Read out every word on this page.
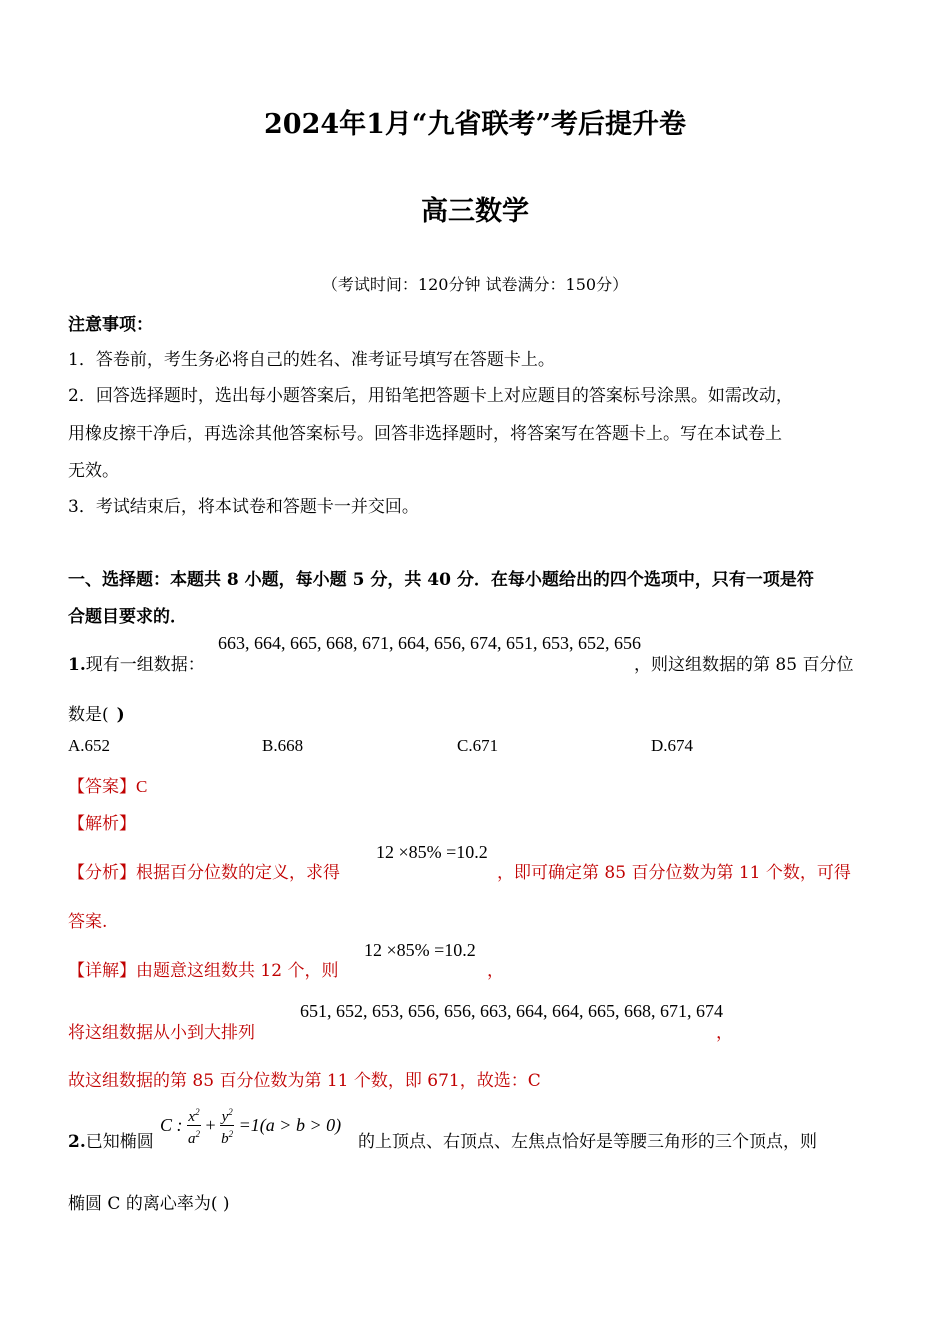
2024年1月“九省联考”考后提升卷
高三数学
（考试时间：120分钟 试卷满分：150分）
注意事项：
1．答卷前，考生务必将自己的姓名、准考证号填写在答题卡上。
2．回答选择题时，选出每小题答案后，用铅笔把答题卡上对应题目的答案标号涂黑。如需改动，
用橡皮擦干净后，再选涂其他答案标号。回答非选择题时，将答案写在答题卡上。写在本试卷上
无效。
3．考试结束后，将本试卷和答题卡一并交回。
一、选择题：本题共 8 小题，每小题 5 分，共 40 分．在每小题给出的四个选项中，只有一项是符
合题目要求的．
1.现有一组数据：
663, 664, 665, 668, 671, 664, 656, 674, 651, 653, 652, 656
，则这组数据的第 85 百分位
数是( )
A.652	B.668	C.671	D.674
【答案】C
【解析】
【分析】根据百分位数的定义，求得
12 ×85% =10.2
，即可确定第 85 百分位数为第 11 个数，可得
答案.
【详解】由题意这组数共 12 个，则
12 ×85% =10.2
，
将这组数据从小到大排列
651, 652, 653, 656, 656, 663, 664, 664, 665, 668, 671, 674
，
故这组数据的第 85 百分位数为第 11 个数，即 671，故选：C
2.已知椭圆
C : $\frac{x^2}{a^2} + \frac{y^2}{b^2} =1(a > b > 0)$
的上顶点、右顶点、左焦点恰好是等腰三角形的三个顶点，则
椭圆 C 的离心率为( )
